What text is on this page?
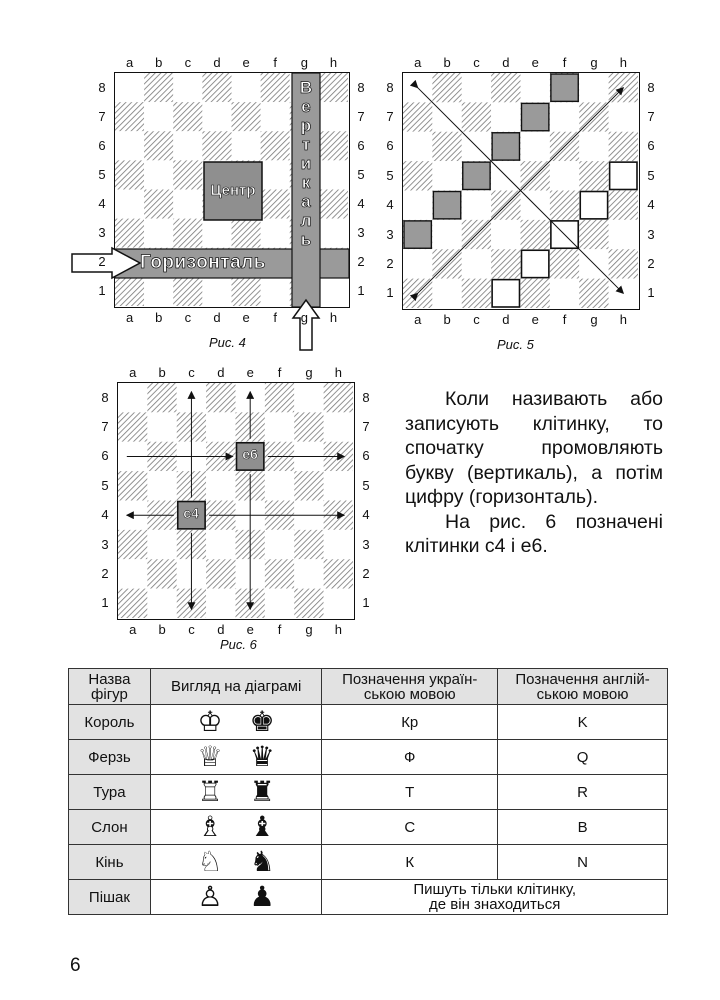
Центр
Горизонталь
В
е
р
т
и
к
а
л
ь
Рис. 4	Рис. 5
е6
с4
Рис. 6

Коли називають або записують клітинку, то спочатку промовляють букву (вертикаль), а потім цифру (горизонталь).

На рис. 6 позначені клітинки с4 і е6.

Назва фігур	Вигляд на діаграмі	Позначення україн-ською мовою	Позначення англій-ською мовою
Король	♔ ♚	Кр	K
Ферзь	♕ ♛	Ф	Q
Тура	♖ ♜	Т	R
Слон	♗ ♝	С	B
Кінь	♘ ♞	К	N
Пішак	♙ ♟	Пишуть тільки клітинку, де він знаходиться	
6
a
a
b
b
c
c
d
d
e
e
f
f
g
g
h
h
8	8
7	7
6	6
5	5
4	4
3	3
2	2
1	1
a
a
b
b
c
c
d
d
e
e
f
f
g
g
h
h
8	8
7	7
6	6
5	5
4	4
3	3
2	2
1	1
a
a
b
b
c
c
d
d
e
e
f
f
g
g
h
h
8	8
7	7
6	6
5	5
4	4
3	3
2	2
1	1
